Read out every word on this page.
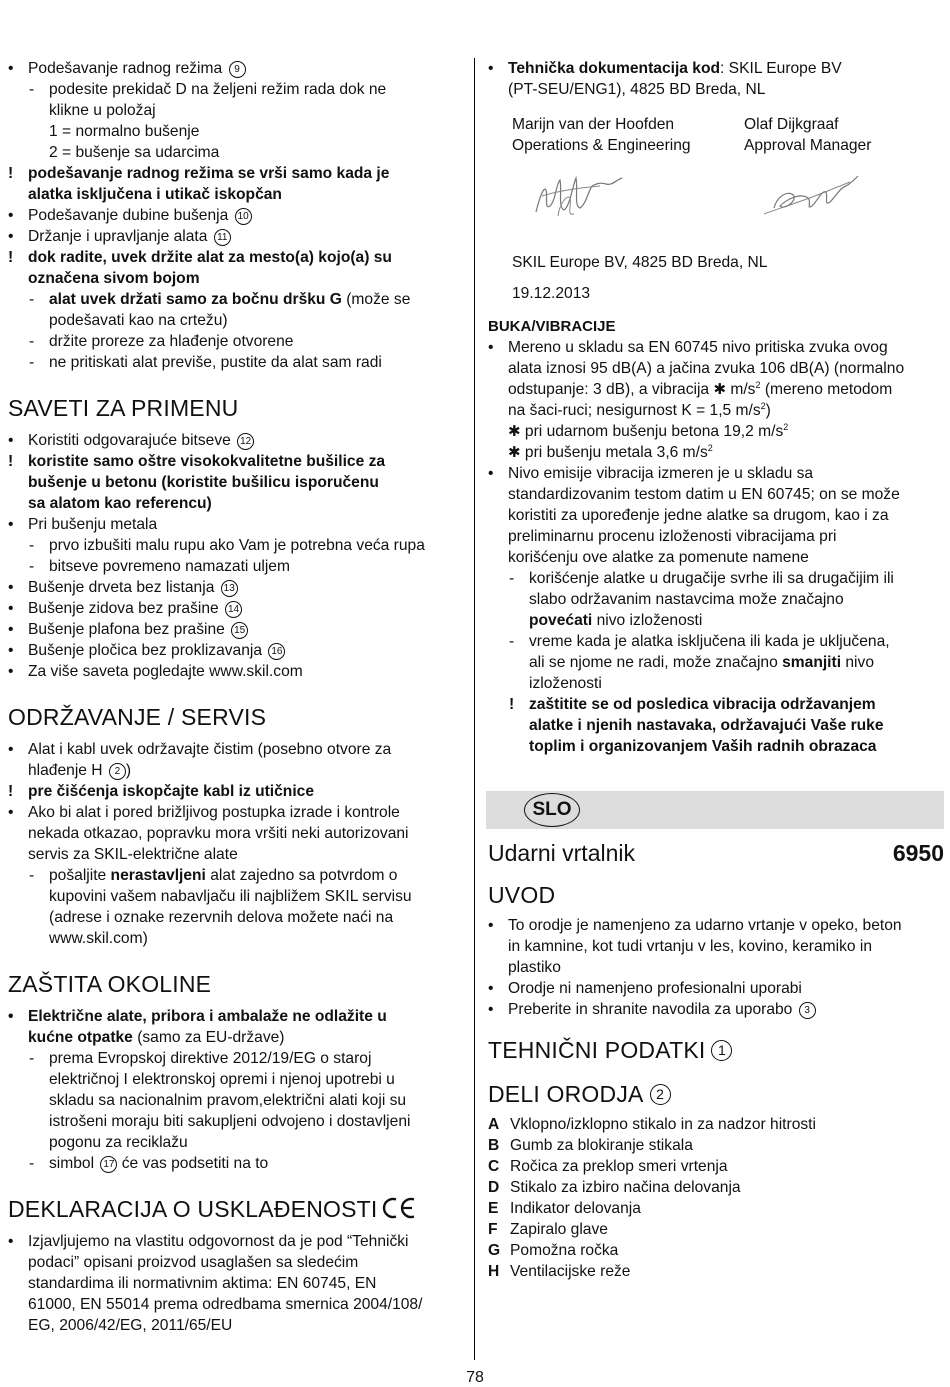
• Podešavanje radnog režima 9
- podesite prekidač D na željeni režim rada dok ne
klikne u položaj
1 = normalno bušenje
2 = bušenje sa udarcima
! podešavanje radnog režima se vrši samo kada je
alatka isključena i utikač iskopčan
• Podešavanje dubine bušenja 10
• Držanje i upravljanje alata 11
! dok radite, uvek držite alat za mesto(a) kojo(a) su
označena sivom bojom
- alat uvek držati samo za bočnu dršku G (može se
podešavati kao na crtežu)
- držite proreze za hlađenje otvorene
- ne pritiskati alat previše, pustite da alat sam radi
SAVETI ZA PRIMENU
• Koristiti odgovarajuće bitseve 12
! koristite samo oštre visokokvalitetne bušilice za
bušenje u betonu (koristite bušilicu isporučenu
sa alatom kao referencu)
• Pri bušenju metala
- prvo izbušiti malu rupu ako Vam je potrebna veća rupa
- bitseve povremeno namazati uljem
• Bušenje drveta bez listanja 13
• Bušenje zidova bez prašine 14
• Bušenje plafona bez prašine 15
• Bušenje pločica bez proklizavanja 16
• Za više saveta pogledajte www.skil.com
ODRŽAVANJE / SERVIS
• Alat i kabl uvek održavajte čistim (posebno otvore za
hlađenje H 2 )
! pre čišćenja iskopčajte kabl iz utičnice
• Ako bi alat i pored brižljivog postupka izrade i kontrole
nekada otkazao, popravku mora vršiti neki autorizovani
servis za SKIL-električne alate
- pošaljite nerastavljeni alat zajedno sa potvrdom o
kupovini vašem nabavljaču ili najbližem SKIL servisu
(adrese i oznake rezervnih delova možete naći na
www.skil.com)
ZAŠTITA OKOLINE
• Električne alate, pribora i ambalaže ne odlažite u
kućne otpatke (samo za EU-države)
- prema Evropskoj direktive 2012/19/EG o staroj
električnoj I elektronskoj opremi i njenoj upotrebi u
skladu sa nacionalnim pravom,električni alati koji su
istrošeni moraju biti sakupljeni odvojeno i dostavljeni
pogonu za reciklažu
- simbol 17 će vas podsetiti na to
DEKLARACIJA O USKLAĐENOSTI
• Izjavljujemo na vlastitu odgovornost da je pod “Tehnički
podaci” opisani proizvod usaglašen sa sledećim
standardima ili normativnim aktima: EN 60745, EN
61000, EN 55014 prema odredbama smernica 2004/108/
EG, 2006/42/EG, 2011/65/EU
• Tehnička dokumentacija kod: SKIL Europe BV
(PT-SEU/ENG1), 4825 BD Breda, NL
Marijn van der Hoofden
Operations & Engineering
Olaf Dijkgraaf
Approval Manager
SKIL Europe BV, 4825 BD Breda, NL
19.12.2013
BUKA/VIBRACIJE
• Mereno u skladu sa EN 60745 nivo pritiska zvuka ovog
alata iznosi 95 dB(A) a jačina zvuka 106 dB(A) (normalno
odstupanje: 3 dB), a vibracija ✱ $m/s^2$ (mereno metodom
na šaci-ruci; nesigurnost K = 1,5 $m/s^2$)
✱ pri udarnom bušenju betona 19,2 $m/s^2$
✱ pri bušenju metala 3,6 $m/s^2$
• Nivo emisije vibracija izmeren je u skladu sa
standardizovanim testom datim u EN 60745; on se može
koristiti za upoređenje jedne alatke sa drugom, kao i za
preliminarnu procenu izloženosti vibracijama pri
korišćenju ove alatke za pomenute namene
- korišćenje alatke u drugačije svrhe ili sa drugačijim ili
slabo održavanim nastavcima može značajno
povećati nivo izloženosti
- vreme kada je alatka isključena ili kada je uključena,
ali se njome ne radi, može značajno smanjiti nivo
izloženosti
! zaštitite se od posledica vibracija održavanjem
alatke i njenih nastavaka, održavajući Vaše ruke
toplim i organizovanjem Vaših radnih obrazaca
SLO
Udarni vrtalnik	6950
UVOD
• To orodje je namenjeno za udarno vrtanje v opeko, beton
in kamnine, kot tudi vrtanju v les, kovino, keramiko in
plastiko
• Orodje ni namenjeno profesionalni uporabi
• Preberite in shranite navodila za uporabo 3
TEHNIČNI PODATKI 1
DELI ORODJA 2
A Vklopno/izklopno stikalo in za nadzor hitrosti
B Gumb za blokiranje stikala
C Ročica za preklop smeri vrtenja
D Stikalo za izbiro načina delovanja
E Indikator delovanja
F Zapiralo glave
G Pomožna ročka
H Ventilacijske reže
78
